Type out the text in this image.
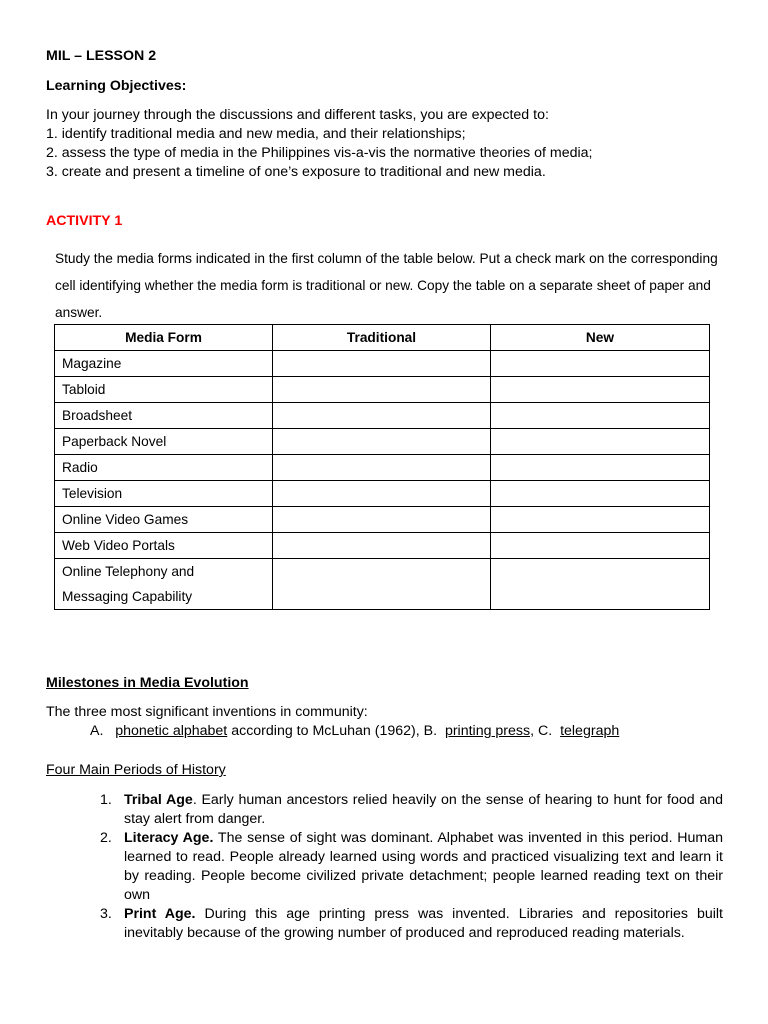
MIL – LESSON 2
Learning Objectives:

In your journey through the discussions and different tasks, you are expected to:

1. identify traditional media and new media, and their relationships;

2. assess the type of media in the Philippines vis-a-vis the normative theories of media;

3. create and present a timeline of one’s exposure to traditional and new media.

ACTIVITY 1
Study the media forms indicated in the first column of the table below. Put a check mark on the corresponding cell identifying whether the media form is traditional or new. Copy the table on a separate sheet of paper and answer.
Media Form	Traditional	New
Magazine		
Tabloid		
Broadsheet		
Paperback Novel		
Radio		
Television		
Online Video Games		
Web Video Portals		
Online Telephony and
Messaging Capability		
Milestones in Media Evolution
The three most significant inventions in community:
A. phonetic alphabet according to McLuhan (1962), B. printing press, C. telegraph
Four Main Periods of History
1. Tribal Age. Early human ancestors relied heavily on the sense of hearing to hunt for food and stay alert from danger.
2. Literacy Age. The sense of sight was dominant. Alphabet was invented in this period. Human learned to read. People already learned using words and practiced visualizing text and learn it by reading. People become civilized private detachment; people learned reading text on their own
3. Print Age. During this age printing press was invented. Libraries and repositories built inevitably because of the growing number of produced and reproduced reading materials.
